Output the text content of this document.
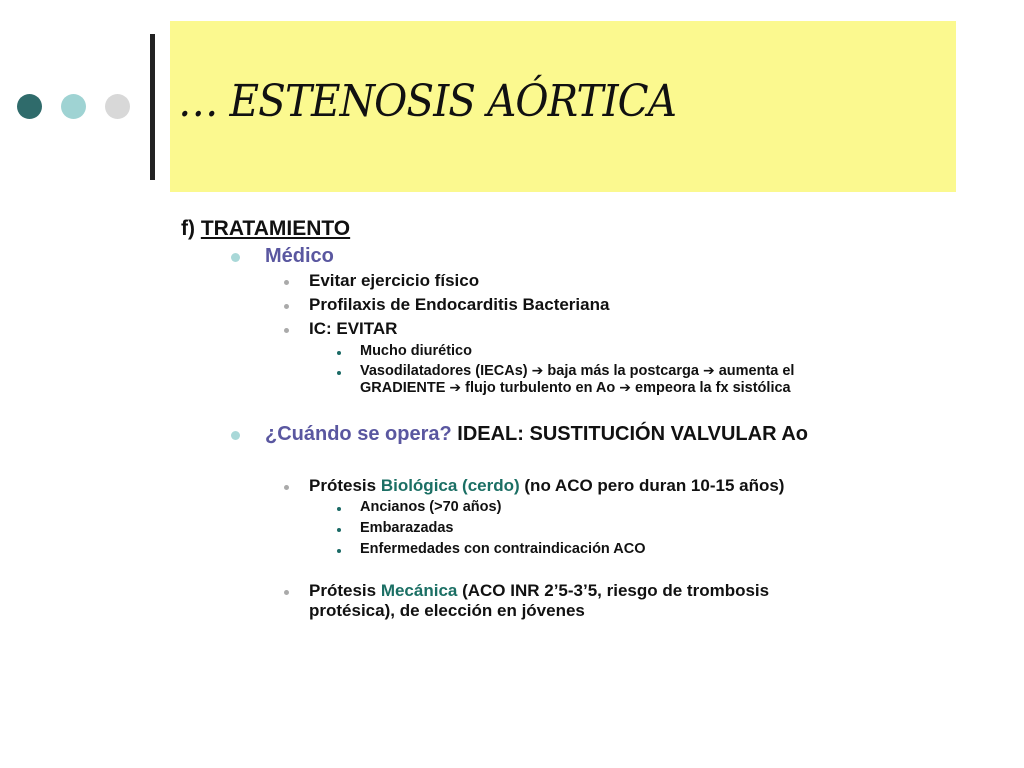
… ESTENOSIS AÓRTICA
f) TRATAMIENTO
Médico
Evitar ejercicio físico
Profilaxis de Endocarditis Bacteriana
IC: EVITAR
Mucho diurético
Vasodilatadores (IECAs) ➔ baja más la postcarga ➔ aumenta el
GRADIENTE ➔ flujo turbulento en Ao ➔ empeora la fx sistólica
¿Cuándo se opera? IDEAL: SUSTITUCIÓN VALVULAR Ao
Prótesis Biológica (cerdo) (no ACO pero duran 10-15 años)
Ancianos (>70 años)
Embarazadas
Enfermedades con contraindicación ACO
Prótesis Mecánica (ACO INR 2’5-3’5, riesgo de trombosis
protésica), de elección en jóvenes
